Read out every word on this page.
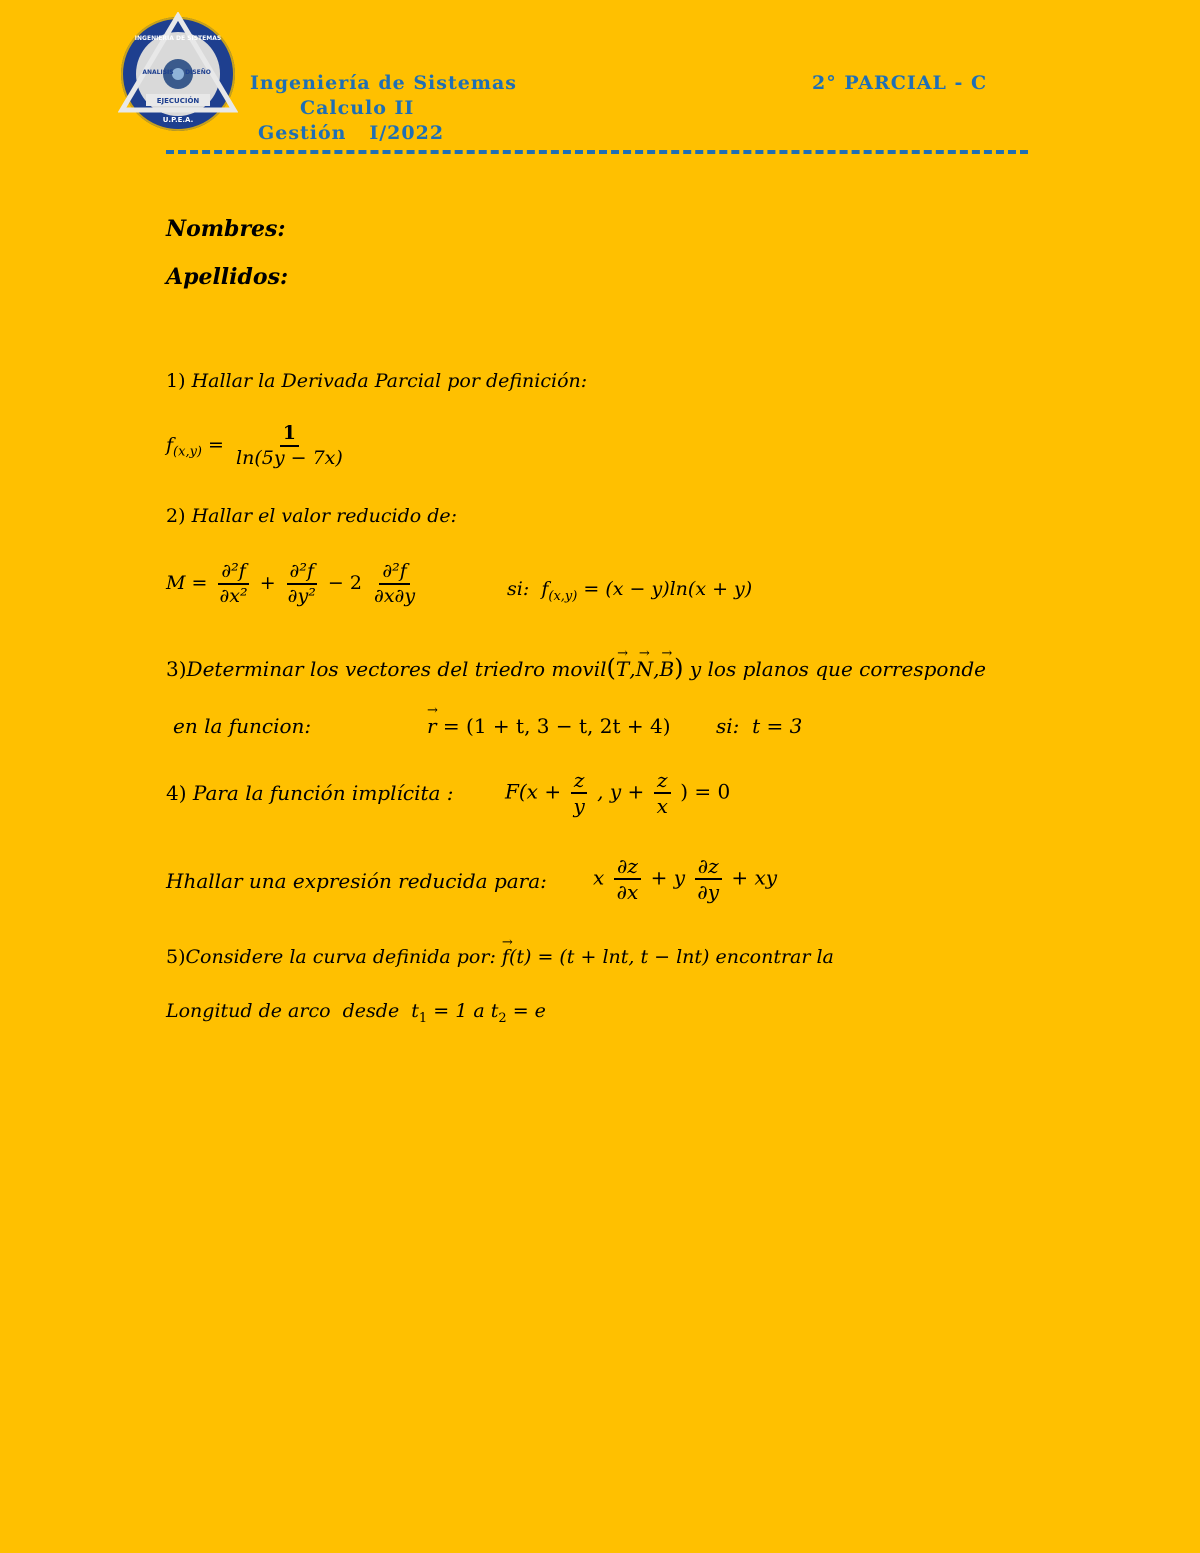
EJECUCIÓN
INGENIERIA DE SISTEMAS
ANALISIS DISEÑO
U.P.E.A.
Ingeniería de Sistemas
Calculo II
Gestión   I/2022
2° PARCIAL - C
Nombres:
Apellidos:
1) Hallar la Derivada Parcial por definición:
$f_{(x,y)} = \frac{1}{\ln(5y - 7x)}$
2) Hallar el valor reducido de:
$M = \frac{\text{∂²f}}{\text{∂x²}} + \frac{\text{∂²f}}{\text{∂y²}} - 2 \frac{\text{∂²f}}{\partial x\partial y}$	si: $f_{(x,y)} = (x - y)\ln(x + y)$
3)Determinar los vectores del triedro movil(→ T,→ N,→ B) y los planos que corresponde
en la funcion:	→ r = (1 + t, 3 − t, 2t + 4) si: t = 3
4) Para la función implícita :	$F(x + \frac{z}{y}$ , $y + \frac{z}{x}$ ) = 0
Hhallar una expresión reducida para: x $\frac{\partial z}{\partial x} + y \frac{\partial z}{\partial y}$ + xy
5)Considere la curva definida por: → f(t) = (t + lnt, t − lnt) encontrar la
Longitud de arco  desde $t_1 = 1$ a $t_2 = e$
